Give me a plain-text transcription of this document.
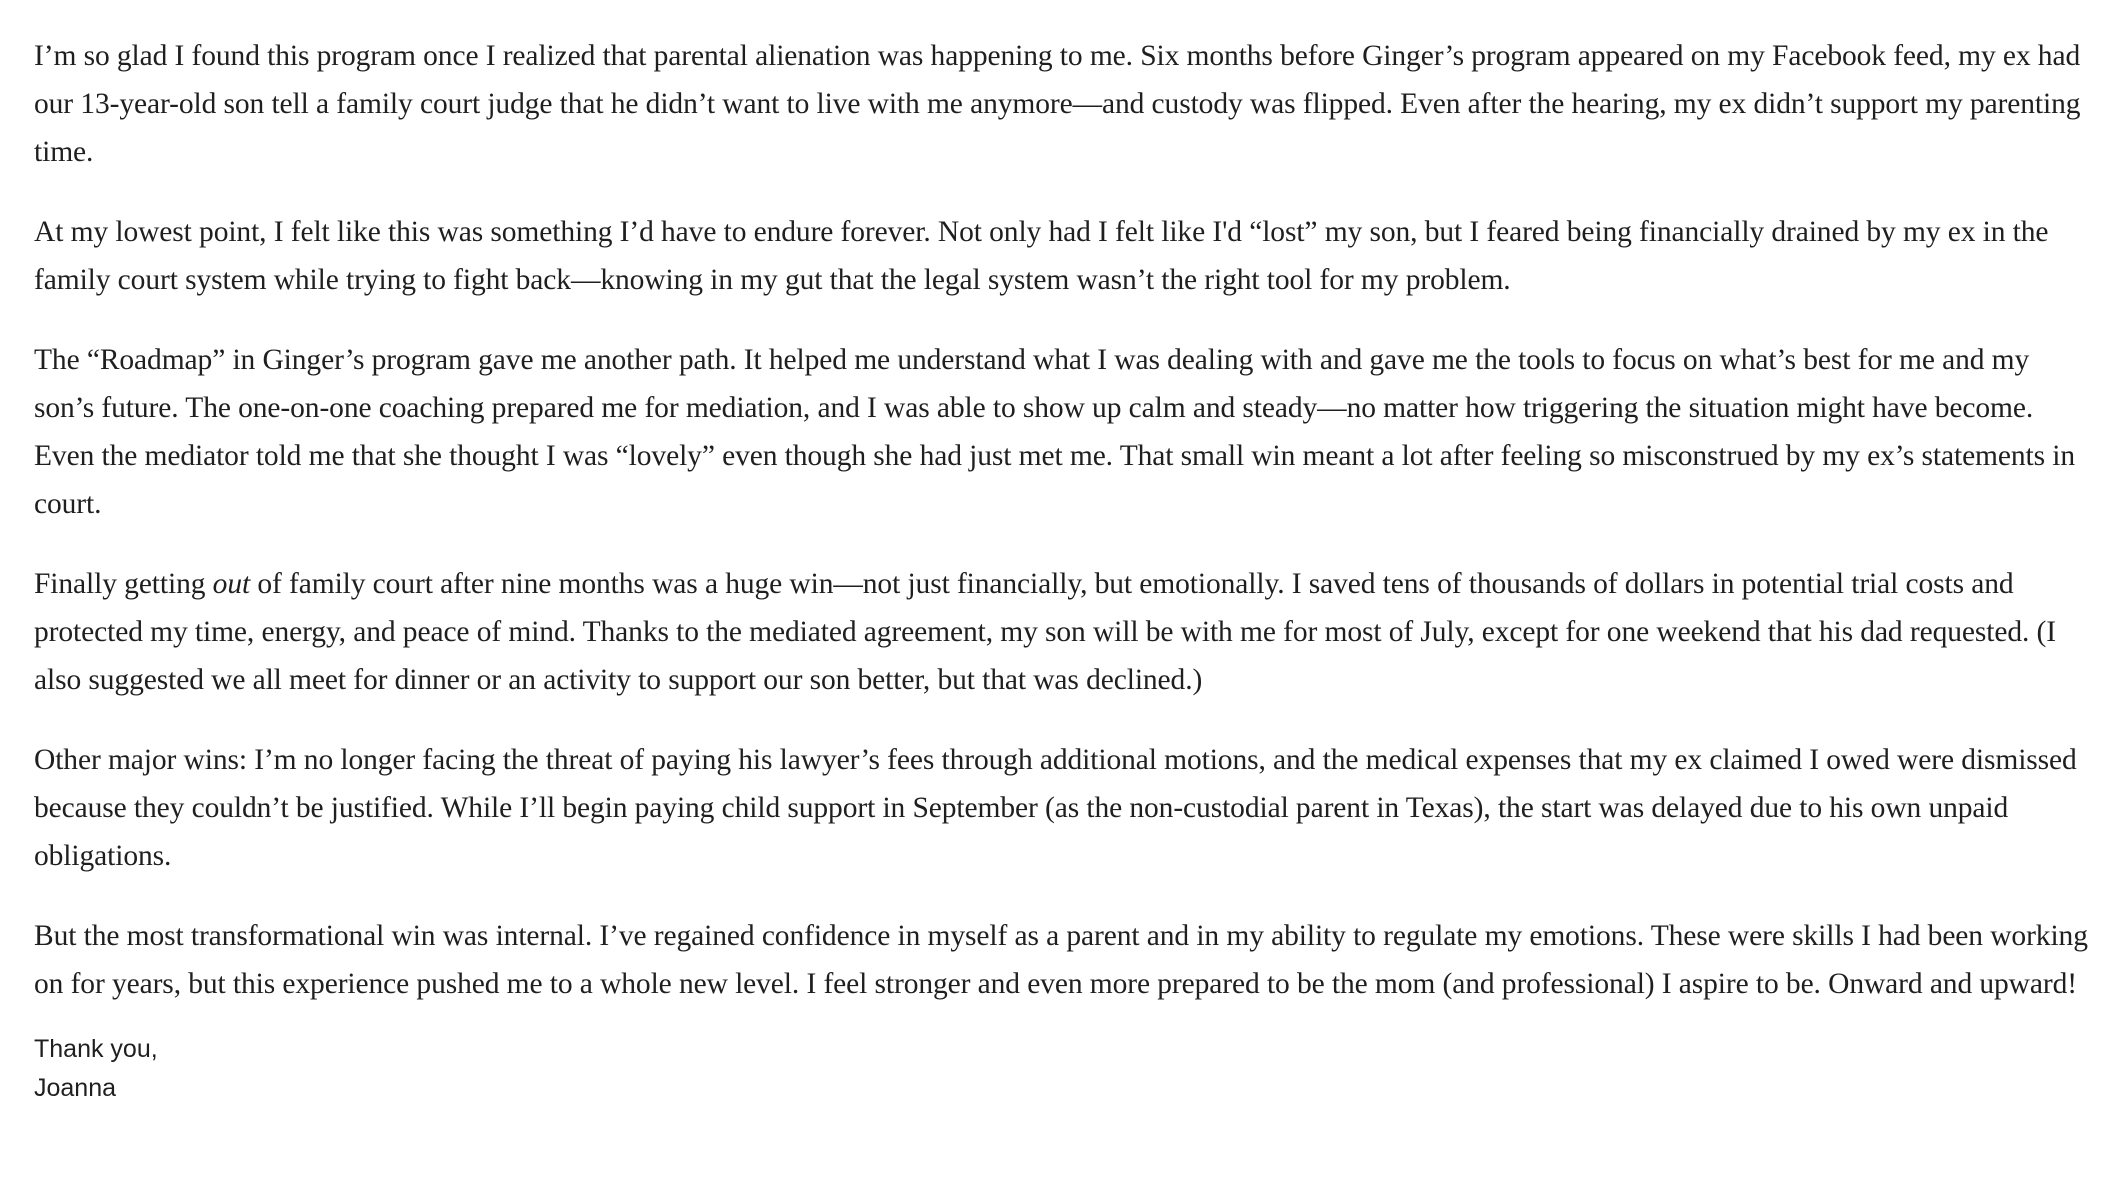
I’m so glad I found this program once I realized that parental alienation was happening to me. Six months before Ginger’s program appeared on my Facebook feed, my ex had our 13-year-old son tell a family court judge that he didn’t want to live with me anymore—and custody was flipped. Even after the hearing, my ex didn’t support my parenting time.

At my lowest point, I felt like this was something I’d have to endure forever. Not only had I felt like I'd “lost” my son, but I feared being financially drained by my ex in the family court system while trying to fight back—knowing in my gut that the legal system wasn’t the right tool for my problem.

The “Roadmap” in Ginger’s program gave me another path. It helped me understand what I was dealing with and gave me the tools to focus on what’s best for me and my son’s future. The one-on-one coaching prepared me for mediation, and I was able to show up calm and steady—no matter how triggering the situation might have become. Even the mediator told me that she thought I was “lovely” even though she had just met me. That small win meant a lot after feeling so misconstrued by my ex’s statements in court.

Finally getting out of family court after nine months was a huge win—not just financially, but emotionally. I saved tens of thousands of dollars in potential trial costs and protected my time, energy, and peace of mind. Thanks to the mediated agreement, my son will be with me for most of July, except for one weekend that his dad requested. (I also suggested we all meet for dinner or an activity to support our son better, but that was declined.)

Other major wins: I’m no longer facing the threat of paying his lawyer’s fees through additional motions, and the medical expenses that my ex claimed I owed were dismissed because they couldn’t be justified. While I’ll begin paying child support in September (as the non-custodial parent in Texas), the start was delayed due to his own unpaid obligations.

But the most transformational win was internal. I’ve regained confidence in myself as a parent and in my ability to regulate my emotions. These were skills I had been working on for years, but this experience pushed me to a whole new level. I feel stronger and even more prepared to be the mom (and professional) I aspire to be. Onward and upward!

Thank you,
Joanna
